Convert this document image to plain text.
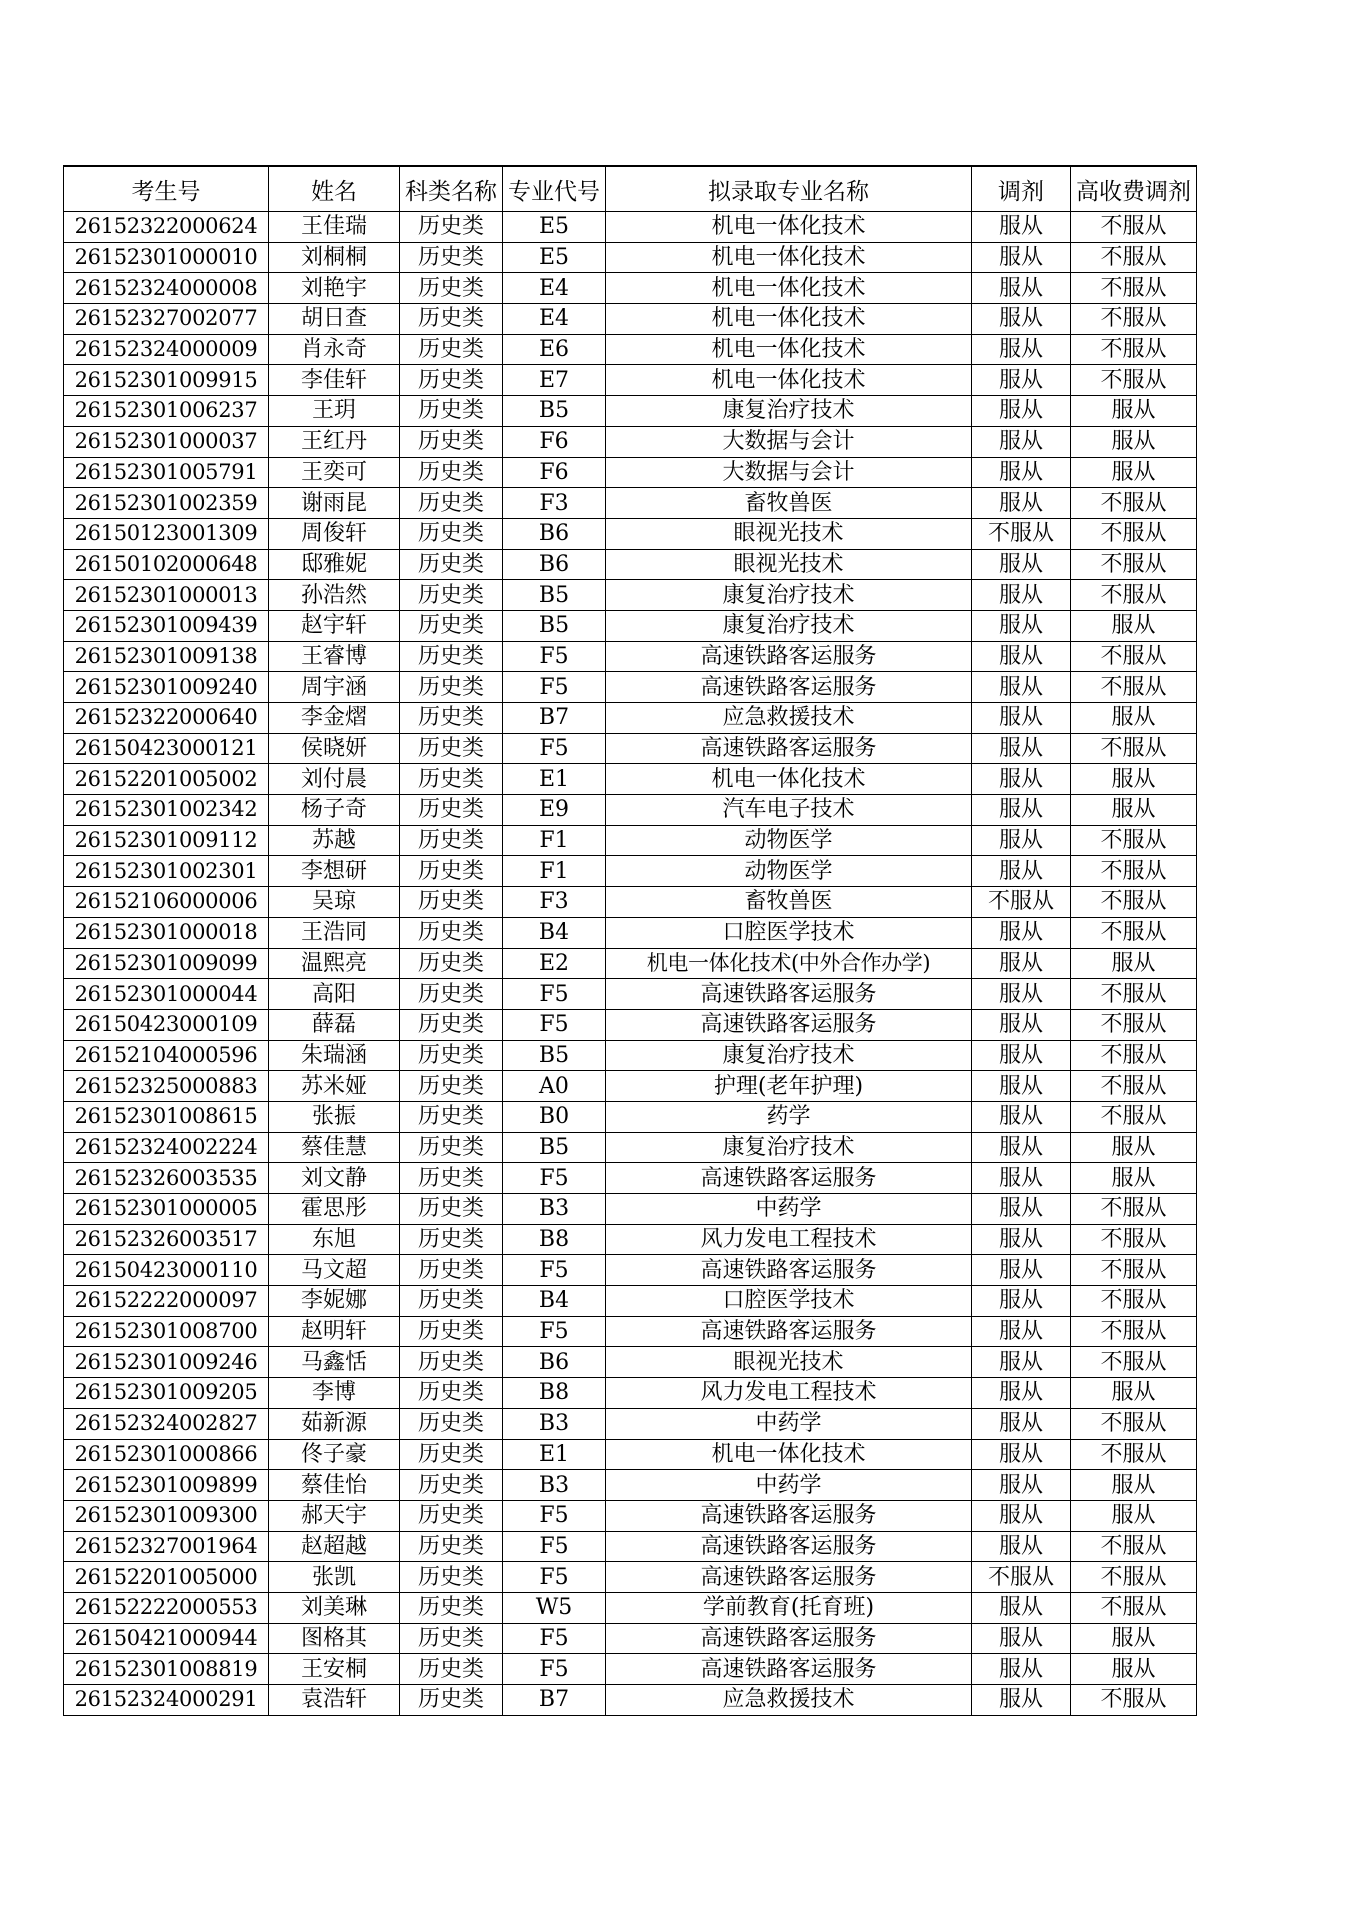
考生号	姓名	科类名称	专业代号	拟录取专业名称	调剂	高收费调剂
26152322000624	王佳瑞	历史类	E5	机电一体化技术	服从	不服从
26152301000010	刘桐桐	历史类	E5	机电一体化技术	服从	不服从
26152324000008	刘艳宇	历史类	E4	机电一体化技术	服从	不服从
26152327002077	胡日查	历史类	E4	机电一体化技术	服从	不服从
26152324000009	肖永奇	历史类	E6	机电一体化技术	服从	不服从
26152301009915	李佳轩	历史类	E7	机电一体化技术	服从	不服从
26152301006237	王玥	历史类	B5	康复治疗技术	服从	服从
26152301000037	王红丹	历史类	F6	大数据与会计	服从	服从
26152301005791	王奕可	历史类	F6	大数据与会计	服从	服从
26152301002359	谢雨昆	历史类	F3	畜牧兽医	服从	不服从
26150123001309	周俊轩	历史类	B6	眼视光技术	不服从	不服从
26150102000648	邸雅妮	历史类	B6	眼视光技术	服从	不服从
26152301000013	孙浩然	历史类	B5	康复治疗技术	服从	不服从
26152301009439	赵宇轩	历史类	B5	康复治疗技术	服从	服从
26152301009138	王睿博	历史类	F5	高速铁路客运服务	服从	不服从
26152301009240	周宇涵	历史类	F5	高速铁路客运服务	服从	不服从
26152322000640	李金熠	历史类	B7	应急救援技术	服从	服从
26150423000121	侯晓妍	历史类	F5	高速铁路客运服务	服从	不服从
26152201005002	刘付晨	历史类	E1	机电一体化技术	服从	服从
26152301002342	杨子奇	历史类	E9	汽车电子技术	服从	服从
26152301009112	苏越	历史类	F1	动物医学	服从	不服从
26152301002301	李想研	历史类	F1	动物医学	服从	不服从
26152106000006	吴琼	历史类	F3	畜牧兽医	不服从	不服从
26152301000018	王浩同	历史类	B4	口腔医学技术	服从	不服从
26152301009099	温熙亮	历史类	E2	机电一体化技术(中外合作办学)	服从	服从
26152301000044	高阳	历史类	F5	高速铁路客运服务	服从	不服从
26150423000109	薛磊	历史类	F5	高速铁路客运服务	服从	不服从
26152104000596	朱瑞涵	历史类	B5	康复治疗技术	服从	不服从
26152325000883	苏米娅	历史类	A0	护理(老年护理)	服从	不服从
26152301008615	张振	历史类	B0	药学	服从	不服从
26152324002224	蔡佳慧	历史类	B5	康复治疗技术	服从	服从
26152326003535	刘文静	历史类	F5	高速铁路客运服务	服从	服从
26152301000005	霍思彤	历史类	B3	中药学	服从	不服从
26152326003517	东旭	历史类	B8	风力发电工程技术	服从	不服从
26150423000110	马文超	历史类	F5	高速铁路客运服务	服从	不服从
26152222000097	李妮娜	历史类	B4	口腔医学技术	服从	不服从
26152301008700	赵明轩	历史类	F5	高速铁路客运服务	服从	不服从
26152301009246	马鑫恬	历史类	B6	眼视光技术	服从	不服从
26152301009205	李博	历史类	B8	风力发电工程技术	服从	服从
26152324002827	茹新源	历史类	B3	中药学	服从	不服从
26152301000866	佟子豪	历史类	E1	机电一体化技术	服从	不服从
26152301009899	蔡佳怡	历史类	B3	中药学	服从	服从
26152301009300	郝天宇	历史类	F5	高速铁路客运服务	服从	服从
26152327001964	赵超越	历史类	F5	高速铁路客运服务	服从	不服从
26152201005000	张凯	历史类	F5	高速铁路客运服务	不服从	不服从
26152222000553	刘美琳	历史类	W5	学前教育(托育班)	服从	不服从
26150421000944	图格其	历史类	F5	高速铁路客运服务	服从	服从
26152301008819	王安桐	历史类	F5	高速铁路客运服务	服从	服从
26152324000291	袁浩轩	历史类	B7	应急救援技术	服从	不服从
